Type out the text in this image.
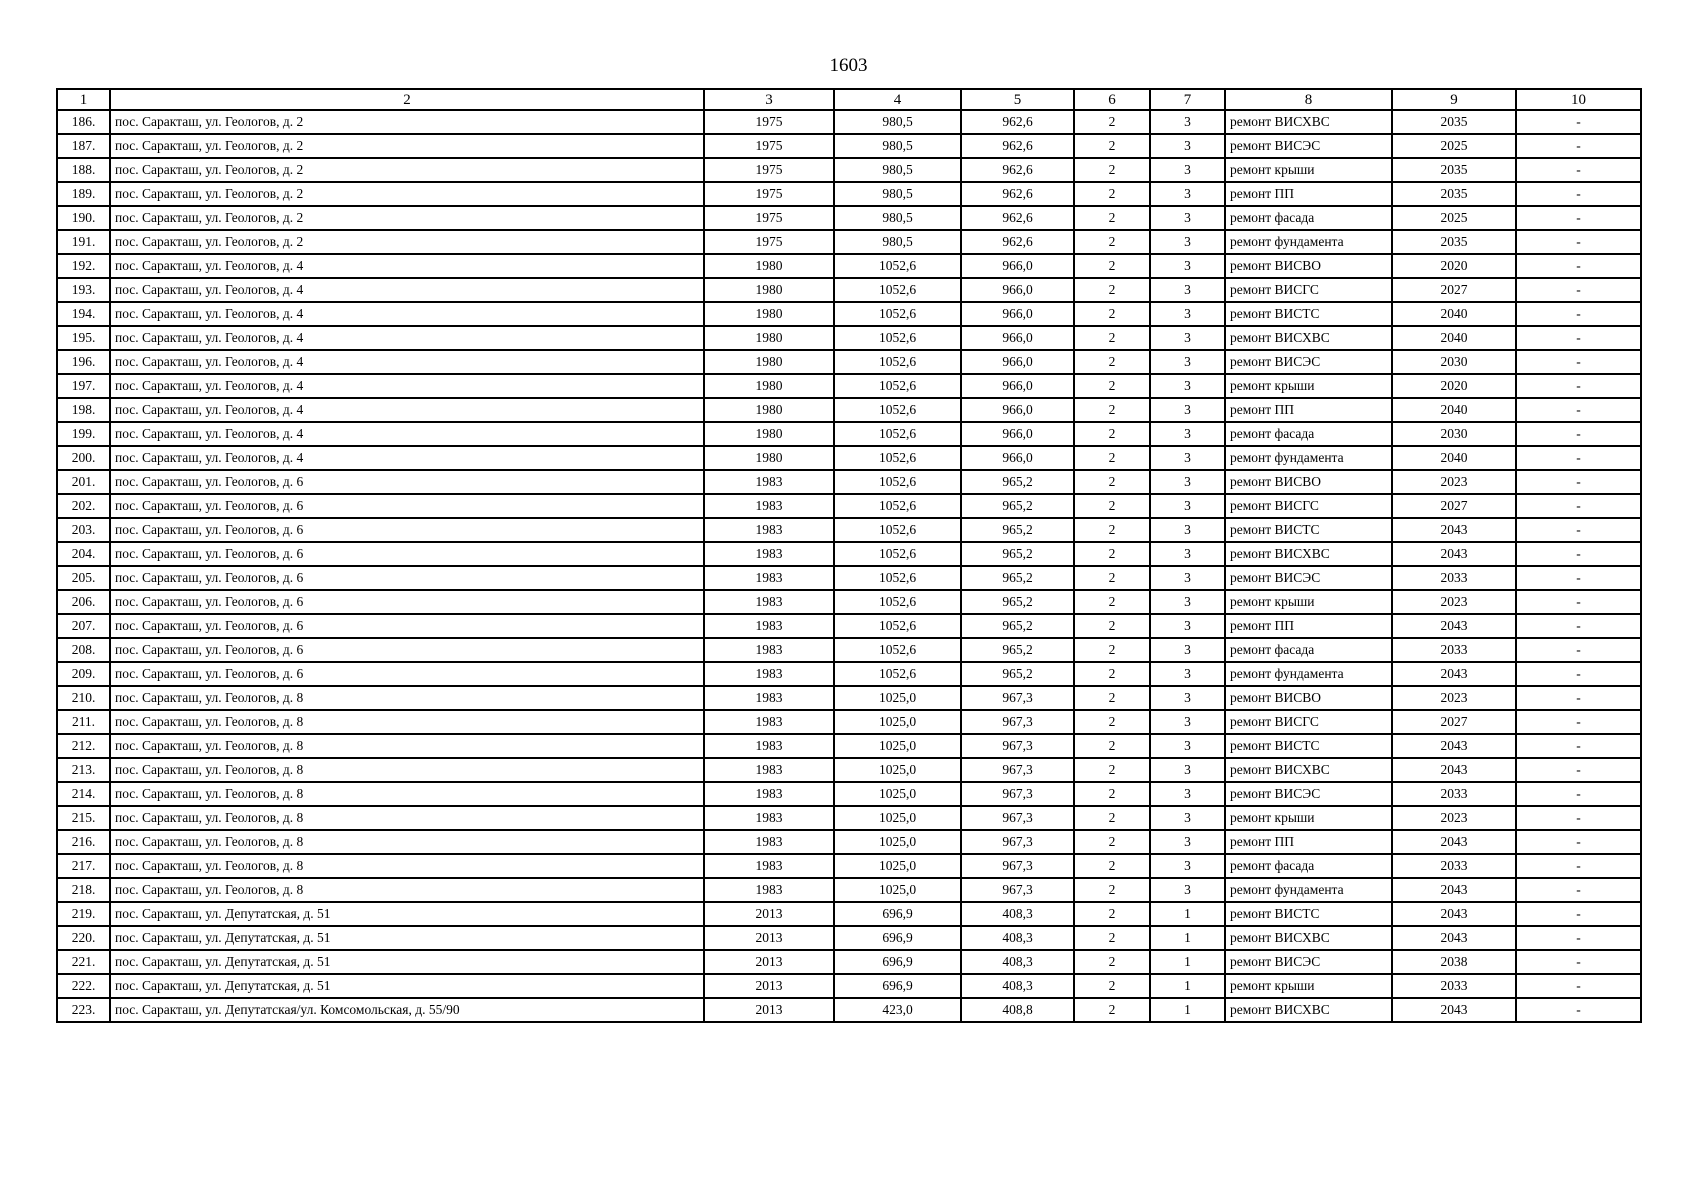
1603
1	2	3	4	5	6	7	8	9	10
186.	пос. Саракташ, ул. Геологов, д. 2	1975	980,5	962,6	2	3	ремонт ВИСХВС	2035	-
187.	пос. Саракташ, ул. Геологов, д. 2	1975	980,5	962,6	2	3	ремонт ВИСЭС	2025	-
188.	пос. Саракташ, ул. Геологов, д. 2	1975	980,5	962,6	2	3	ремонт крыши	2035	-
189.	пос. Саракташ, ул. Геологов, д. 2	1975	980,5	962,6	2	3	ремонт ПП	2035	-
190.	пос. Саракташ, ул. Геологов, д. 2	1975	980,5	962,6	2	3	ремонт фасада	2025	-
191.	пос. Саракташ, ул. Геологов, д. 2	1975	980,5	962,6	2	3	ремонт фундамента	2035	-
192.	пос. Саракташ, ул. Геологов, д. 4	1980	1052,6	966,0	2	3	ремонт ВИСВО	2020	-
193.	пос. Саракташ, ул. Геологов, д. 4	1980	1052,6	966,0	2	3	ремонт ВИСГС	2027	-
194.	пос. Саракташ, ул. Геологов, д. 4	1980	1052,6	966,0	2	3	ремонт ВИСТС	2040	-
195.	пос. Саракташ, ул. Геологов, д. 4	1980	1052,6	966,0	2	3	ремонт ВИСХВС	2040	-
196.	пос. Саракташ, ул. Геологов, д. 4	1980	1052,6	966,0	2	3	ремонт ВИСЭС	2030	-
197.	пос. Саракташ, ул. Геологов, д. 4	1980	1052,6	966,0	2	3	ремонт крыши	2020	-
198.	пос. Саракташ, ул. Геологов, д. 4	1980	1052,6	966,0	2	3	ремонт ПП	2040	-
199.	пос. Саракташ, ул. Геологов, д. 4	1980	1052,6	966,0	2	3	ремонт фасада	2030	-
200.	пос. Саракташ, ул. Геологов, д. 4	1980	1052,6	966,0	2	3	ремонт фундамента	2040	-
201.	пос. Саракташ, ул. Геологов, д. 6	1983	1052,6	965,2	2	3	ремонт ВИСВО	2023	-
202.	пос. Саракташ, ул. Геологов, д. 6	1983	1052,6	965,2	2	3	ремонт ВИСГС	2027	-
203.	пос. Саракташ, ул. Геологов, д. 6	1983	1052,6	965,2	2	3	ремонт ВИСТС	2043	-
204.	пос. Саракташ, ул. Геологов, д. 6	1983	1052,6	965,2	2	3	ремонт ВИСХВС	2043	-
205.	пос. Саракташ, ул. Геологов, д. 6	1983	1052,6	965,2	2	3	ремонт ВИСЭС	2033	-
206.	пос. Саракташ, ул. Геологов, д. 6	1983	1052,6	965,2	2	3	ремонт крыши	2023	-
207.	пос. Саракташ, ул. Геологов, д. 6	1983	1052,6	965,2	2	3	ремонт ПП	2043	-
208.	пос. Саракташ, ул. Геологов, д. 6	1983	1052,6	965,2	2	3	ремонт фасада	2033	-
209.	пос. Саракташ, ул. Геологов, д. 6	1983	1052,6	965,2	2	3	ремонт фундамента	2043	-
210.	пос. Саракташ, ул. Геологов, д. 8	1983	1025,0	967,3	2	3	ремонт ВИСВО	2023	-
211.	пос. Саракташ, ул. Геологов, д. 8	1983	1025,0	967,3	2	3	ремонт ВИСГС	2027	-
212.	пос. Саракташ, ул. Геологов, д. 8	1983	1025,0	967,3	2	3	ремонт ВИСТС	2043	-
213.	пос. Саракташ, ул. Геологов, д. 8	1983	1025,0	967,3	2	3	ремонт ВИСХВС	2043	-
214.	пос. Саракташ, ул. Геологов, д. 8	1983	1025,0	967,3	2	3	ремонт ВИСЭС	2033	-
215.	пос. Саракташ, ул. Геологов, д. 8	1983	1025,0	967,3	2	3	ремонт крыши	2023	-
216.	пос. Саракташ, ул. Геологов, д. 8	1983	1025,0	967,3	2	3	ремонт ПП	2043	-
217.	пос. Саракташ, ул. Геологов, д. 8	1983	1025,0	967,3	2	3	ремонт фасада	2033	-
218.	пос. Саракташ, ул. Геологов, д. 8	1983	1025,0	967,3	2	3	ремонт фундамента	2043	-
219.	пос. Саракташ, ул. Депутатская, д. 51	2013	696,9	408,3	2	1	ремонт ВИСТС	2043	-
220.	пос. Саракташ, ул. Депутатская, д. 51	2013	696,9	408,3	2	1	ремонт ВИСХВС	2043	-
221.	пос. Саракташ, ул. Депутатская, д. 51	2013	696,9	408,3	2	1	ремонт ВИСЭС	2038	-
222.	пос. Саракташ, ул. Депутатская, д. 51	2013	696,9	408,3	2	1	ремонт крыши	2033	-
223.	пос. Саракташ, ул. Депутатская/ул. Комсомольская, д. 55/90	2013	423,0	408,8	2	1	ремонт ВИСХВС	2043	-
